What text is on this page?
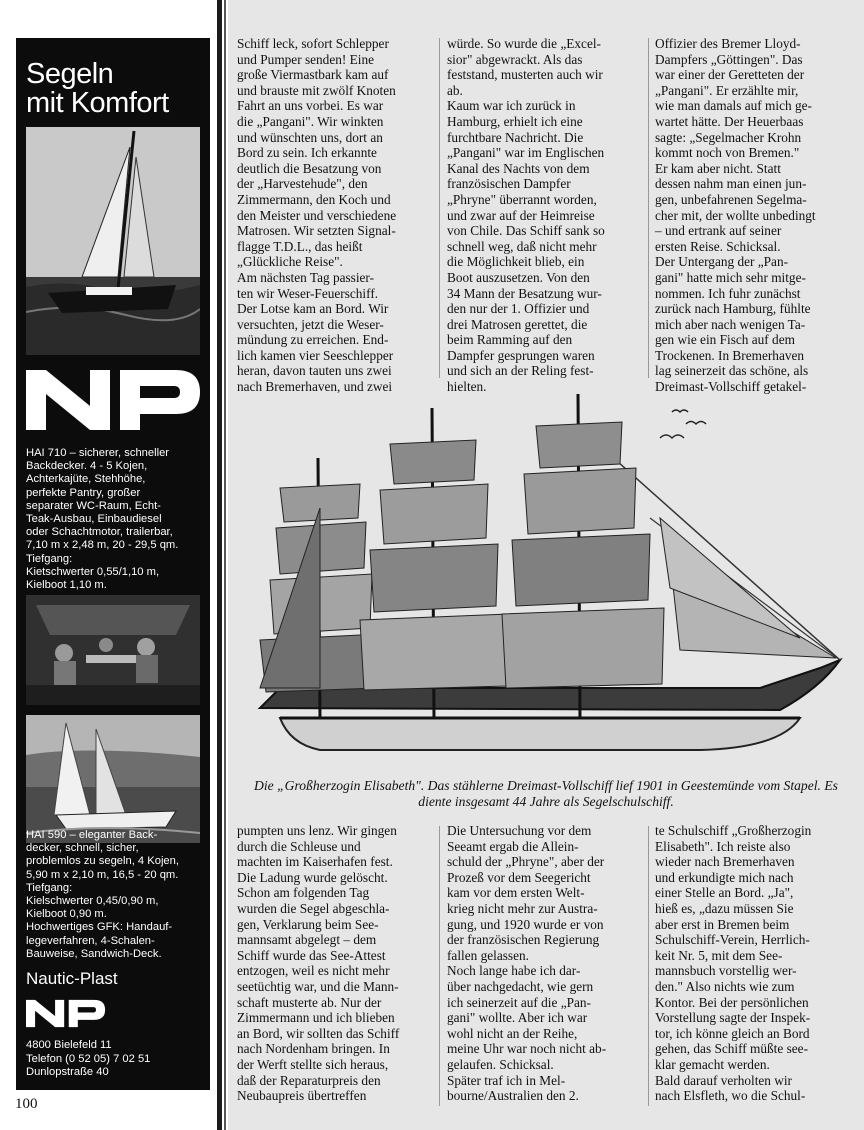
Segeln
mit Komfort
HAI 710 – sicherer, schneller
Backdecker. 4 - 5 Kojen,
Achterkajüte, Stehhöhe,
perfekte Pantry, großer
separater WC-Raum, Echt-
Teak-Ausbau, Einbaudiesel
oder Schachtmotor, trailerbar,
7,10 m x 2,48 m, 20 - 29,5 qm.
Tiefgang:
Kietschwerter 0,55/1,10 m,
Kielboot 1,10 m.
HAI 590 – eleganter Back-
decker, schnell, sicher,
problemlos zu segeln, 4 Kojen,
5,90 m x 2,10 m, 16,5 - 20 qm.
Tiefgang:
Kielschwerter 0,45/0,90 m,
Kielboot 0,90 m.
Hochwertiges GFK: Handauf-
legeverfahren, 4-Schalen-
Bauweise, Sandwich-Deck.
Nautic-Plast
4800 Bielefeld 11
Telefon (0 52 05) 7 02 51
Dunlopstraße 40
100
Schiff leck, sofort Schlepper
und Pumper senden! Eine
große Viermastbark kam auf
und brauste mit zwölf Knoten
Fahrt an uns vorbei. Es war
die „Pangani". Wir winkten
und wünschten uns, dort an
Bord zu sein. Ich erkannte
deutlich die Besatzung von
der „Harvestehude", den
Zimmermann, den Koch und
den Meister und verschiedene
Matrosen. Wir setzten Signal-
flagge T.D.L., das heißt
„Glückliche Reise".
Am nächsten Tag passier-
ten wir Weser-Feuerschiff.
Der Lotse kam an Bord. Wir
versuchten, jetzt die Weser-
mündung zu erreichen. End-
lich kamen vier Seeschlepper
heran, davon tauten uns zwei
nach Bremerhaven, und zwei
würde. So wurde die „Excel-
sior" abgewrackt. Als das
feststand, musterten auch wir
ab.
Kaum war ich zurück in
Hamburg, erhielt ich eine
furchtbare Nachricht. Die
„Pangani" war im Englischen
Kanal des Nachts von dem
französischen Dampfer
„Phryne" überrannt worden,
und zwar auf der Heimreise
von Chile. Das Schiff sank so
schnell weg, daß nicht mehr
die Möglichkeit blieb, ein
Boot auszusetzen. Von den
34 Mann der Besatzung wur-
den nur der 1. Offizier und
drei Matrosen gerettet, die
beim Ramming auf den
Dampfer gesprungen waren
und sich an der Reling fest-
hielten.
Offizier des Bremer Lloyd-
Dampfers „Göttingen". Das
war einer der Geretteten der
„Pangani". Er erzählte mir,
wie man damals auf mich ge-
wartet hätte. Der Heuerbaas
sagte: „Segelmacher Krohn
kommt noch von Bremen."
Er kam aber nicht. Statt
dessen nahm man einen jun-
gen, unbefahrenen Segelma-
cher mit, der wollte unbedingt
– und ertrank auf seiner
ersten Reise. Schicksal.
Der Untergang der „Pan-
gani" hatte mich sehr mitge-
nommen. Ich fuhr zunächst
zurück nach Hamburg, fühlte
mich aber nach wenigen Ta-
gen wie ein Fisch auf dem
Trockenen. In Bremerhaven
lag seinerzeit das schöne, als
Dreimast-Vollschiff getakel-
Die „Großherzogin Elisabeth". Das stählerne Dreimast-Vollschiff lief 1901 in Geestemünde vom Stapel. Es diente insgesamt 44 Jahre als Segelschulschiff.
pumpten uns lenz. Wir gingen
durch die Schleuse und
machten im Kaiserhafen fest.
Die Ladung wurde gelöscht.
Schon am folgenden Tag
wurden die Segel abgeschla-
gen, Verklarung beim See-
mannsamt abgelegt – dem
Schiff wurde das See-Attest
entzogen, weil es nicht mehr
seetüchtig war, und die Mann-
schaft musterte ab. Nur der
Zimmermann und ich blieben
an Bord, wir sollten das Schiff
nach Nordenham bringen. In
der Werft stellte sich heraus,
daß der Reparaturpreis den
Neubaupreis übertreffen
Die Untersuchung vor dem
Seeamt ergab die Allein-
schuld der „Phryne", aber der
Prozeß vor dem Seegericht
kam vor dem ersten Welt-
krieg nicht mehr zur Austra-
gung, und 1920 wurde er von
der französischen Regierung
fallen gelassen.
Noch lange habe ich dar-
über nachgedacht, wie gern
ich seinerzeit auf die „Pan-
gani" wollte. Aber ich war
wohl nicht an der Reihe,
meine Uhr war noch nicht ab-
gelaufen. Schicksal.
Später traf ich in Mel-
bourne/Australien den 2.
te Schulschiff „Großherzogin
Elisabeth". Ich reiste also
wieder nach Bremerhaven
und erkundigte mich nach
einer Stelle an Bord. „Ja",
hieß es, „dazu müssen Sie
aber erst in Bremen beim
Schulschiff-Verein, Herrlich-
keit Nr. 5, mit dem See-
mannsbuch vorstellig wer-
den." Also nichts wie zum
Kontor. Bei der persönlichen
Vorstellung sagte der Inspek-
tor, ich könne gleich an Bord
gehen, das Schiff müßte see-
klar gemacht werden.
Bald darauf verholten wir
nach Elsfleth, wo die Schul-
